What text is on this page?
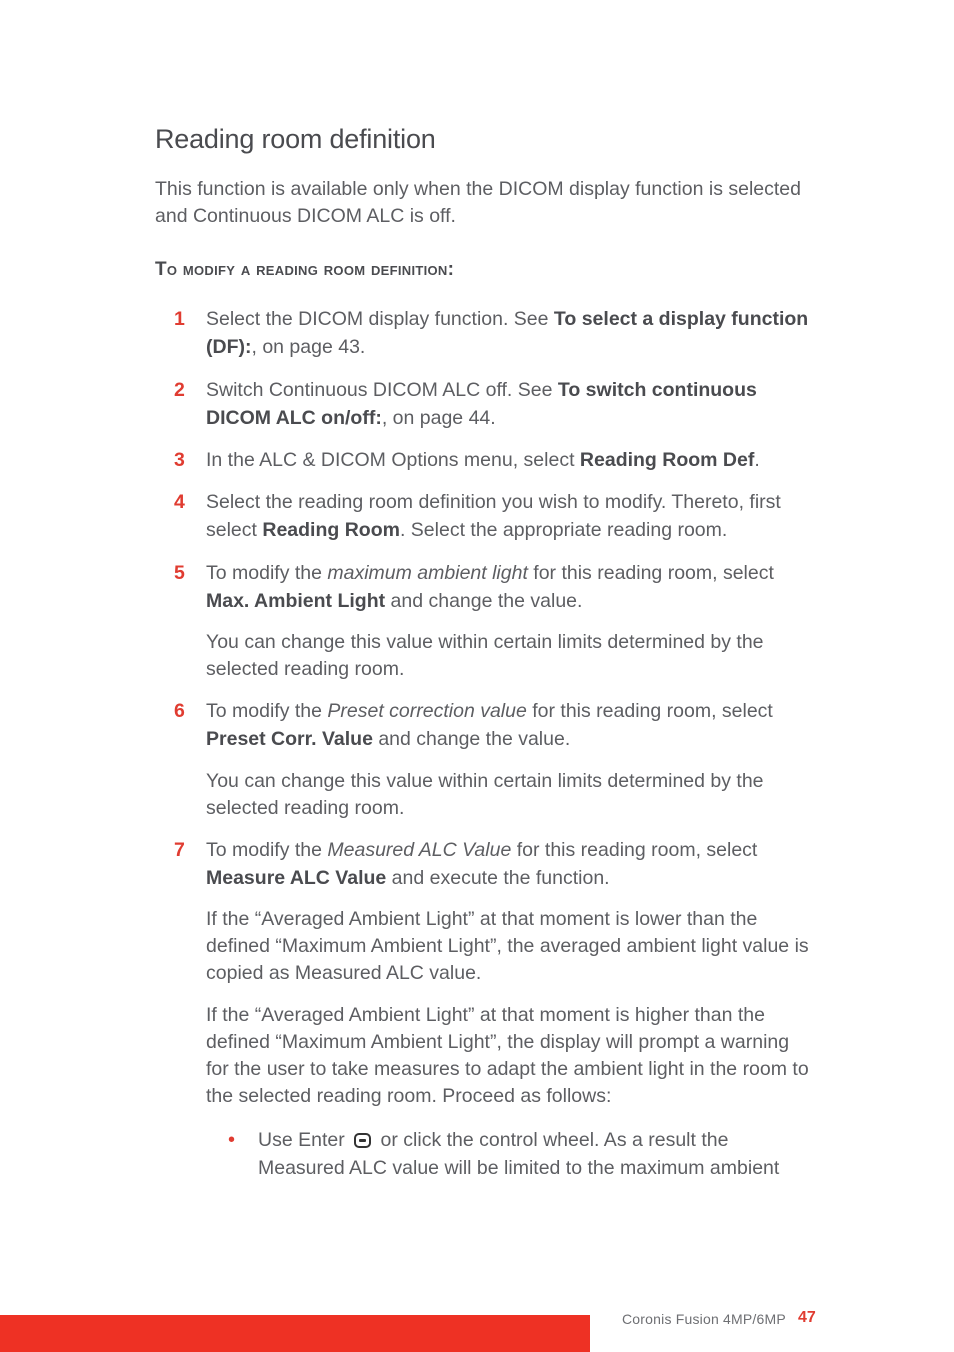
Reading room definition

This function is available only when the DICOM display function is selected and Continuous DICOM ALC is off.

To modify a reading room definition:

1 Select the DICOM display function. See To select a display function (DF):, on page 43.

2 Switch Continuous DICOM ALC off. See To switch continuous DICOM ALC on/off:, on page 44.

3 In the ALC & DICOM Options menu, select Reading Room Def.

4 Select the reading room definition you wish to modify. Thereto, first select Reading Room. Select the appropriate reading room.

5 To modify the maximum ambient light for this reading room, select Max. Ambient Light and change the value.

You can change this value within certain limits determined by the selected reading room.

6 To modify the Preset correction value for this reading room, select Preset Corr. Value and change the value.

You can change this value within certain limits determined by the selected reading room.

7 To modify the Measured ALC Value for this reading room, select Measure ALC Value and execute the function.

If the “Averaged Ambient Light” at that moment is lower than the defined “Maximum Ambient Light”, the averaged ambient light value is copied as Measured ALC value.

If the “Averaged Ambient Light” at that moment is higher than the defined “Maximum Ambient Light”, the display will prompt a warning for the user to take measures to adapt the ambient light in the room to the selected reading room. Proceed as follows:

• Use Enter  or click the control wheel. As a result the Measured ALC value will be limited to the maximum ambient

Coronis Fusion 4MP/6MP 47
